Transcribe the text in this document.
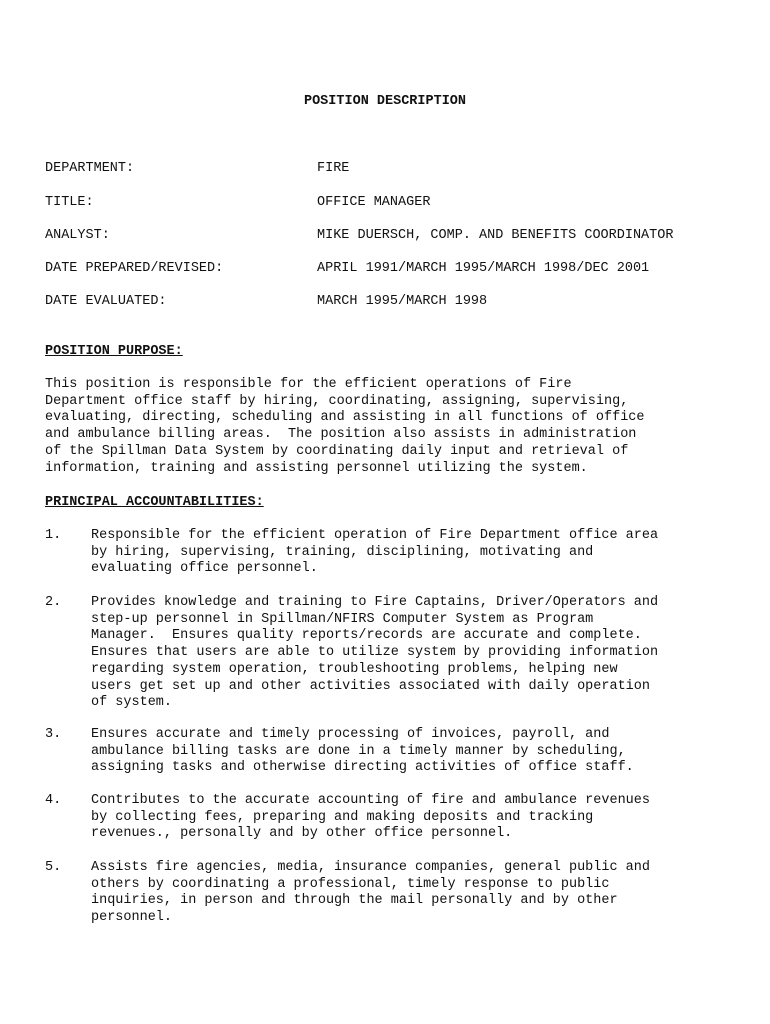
POSITION DESCRIPTION

DEPARTMENT:

	FIRE

TITLE:

	OFFICE MANAGER

ANALYST:

	MIKE DUERSCH, COMP. AND BENEFITS COORDINATOR

DATE PREPARED/REVISED:

	APRIL 1991/MARCH 1995/MARCH 1998/DEC 2001

DATE EVALUATED:

	MARCH 1995/MARCH 1998

POSITION PURPOSE:
This position is responsible for the efficient operations of Fire
Department office staff by hiring, coordinating, assigning, supervising,
evaluating, directing, scheduling and assisting in all functions of office
and ambulance billing areas.  The position also assists in administration
of the Spillman Data System by coordinating daily input and retrieval of
information, training and assisting personnel utilizing the system.
PRINCIPAL ACCOUNTABILITIES:
1. Responsible for the efficient operation of Fire Department office area
by hiring, supervising, training, disciplining, motivating and
evaluating office personnel.
2. Provides knowledge and training to Fire Captains, Driver/Operators and
step-up personnel in Spillman/NFIRS Computer System as Program
Manager.  Ensures quality reports/records are accurate and complete.
Ensures that users are able to utilize system by providing information
regarding system operation, troubleshooting problems, helping new
users get set up and other activities associated with daily operation
of system.
3. Ensures accurate and timely processing of invoices, payroll, and
ambulance billing tasks are done in a timely manner by scheduling,
assigning tasks and otherwise directing activities of office staff.
4. Contributes to the accurate accounting of fire and ambulance revenues
by collecting fees, preparing and making deposits and tracking
revenues., personally and by other office personnel.
5. Assists fire agencies, media, insurance companies, general public and
others by coordinating a professional, timely response to public
inquiries, in person and through the mail personally and by other
personnel.
